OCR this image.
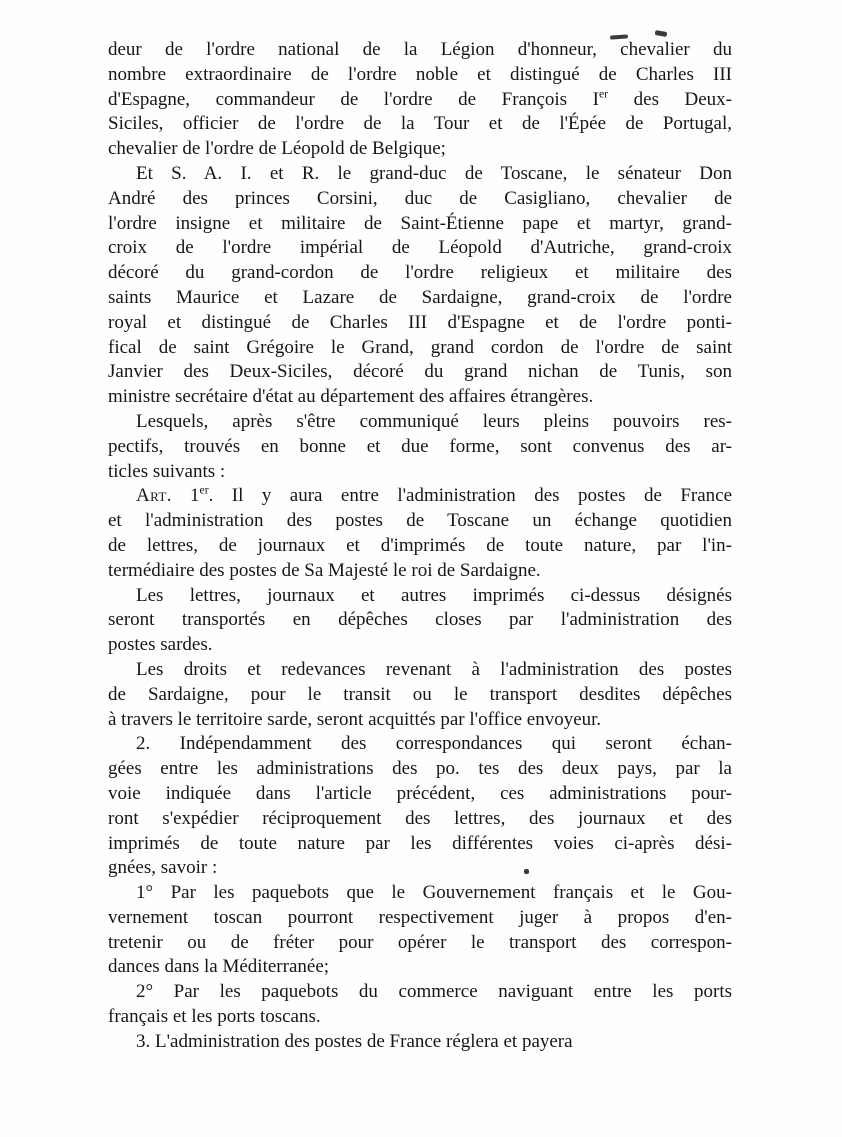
deur de l'ordre national de la Légion d'honneur, chevalier du
nombre extraordinaire de l'ordre noble et distingué de Charles III
d'Espagne, commandeur de l'ordre de François Ier des Deux-
Siciles, officier de l'ordre de la Tour et de l'Épée de Portugal,
chevalier de l'ordre de Léopold de Belgique;
Et S. A. I. et R. le grand-duc de Toscane, le sénateur Don
André des princes Corsini, duc de Casigliano, chevalier de
l'ordre insigne et militaire de Saint-Étienne pape et martyr, grand-
croix de l'ordre impérial de Léopold d'Autriche, grand-croix
décoré du grand-cordon de l'ordre religieux et militaire des
saints Maurice et Lazare de Sardaigne, grand-croix de l'ordre
royal et distingué de Charles III d'Espagne et de l'ordre ponti-
fical de saint Grégoire le Grand, grand cordon de l'ordre de saint
Janvier des Deux-Siciles, décoré du grand nichan de Tunis, son
ministre secrétaire d'état au département des affaires étrangères.
Lesquels, après s'être communiqué leurs pleins pouvoirs res-
pectifs, trouvés en bonne et due forme, sont convenus des ar-
ticles suivants :
Art. 1er. Il y aura entre l'administration des postes de France
et l'administration des postes de Toscane un échange quotidien
de lettres, de journaux et d'imprimés de toute nature, par l'in-
termédiaire des postes de Sa Majesté le roi de Sardaigne.
Les lettres, journaux et autres imprimés ci-dessus désignés
seront transportés en dépêches closes par l'administration des
postes sardes.
Les droits et redevances revenant à l'administration des postes
de Sardaigne, pour le transit ou le transport desdites dépêches
à travers le territoire sarde, seront acquittés par l'office envoyeur.
2. Indépendamment des correspondances qui seront échan-
gées entre les administrations des po. tes des deux pays, par la
voie indiquée dans l'article précédent, ces administrations pour-
ront s'expédier réciproquement des lettres, des journaux et des
imprimés de toute nature par les différentes voies ci-après dési-
gnées, savoir :
1° Par les paquebots que le Gouvernement français et le Gou-
vernement toscan pourront respectivement juger à propos d'en-
tretenir ou de fréter pour opérer le transport des correspon-
dances dans la Méditerranée;
2° Par les paquebots du commerce naviguant entre les ports
français et les ports toscans.
3. L'administration des postes de France réglera et payera
